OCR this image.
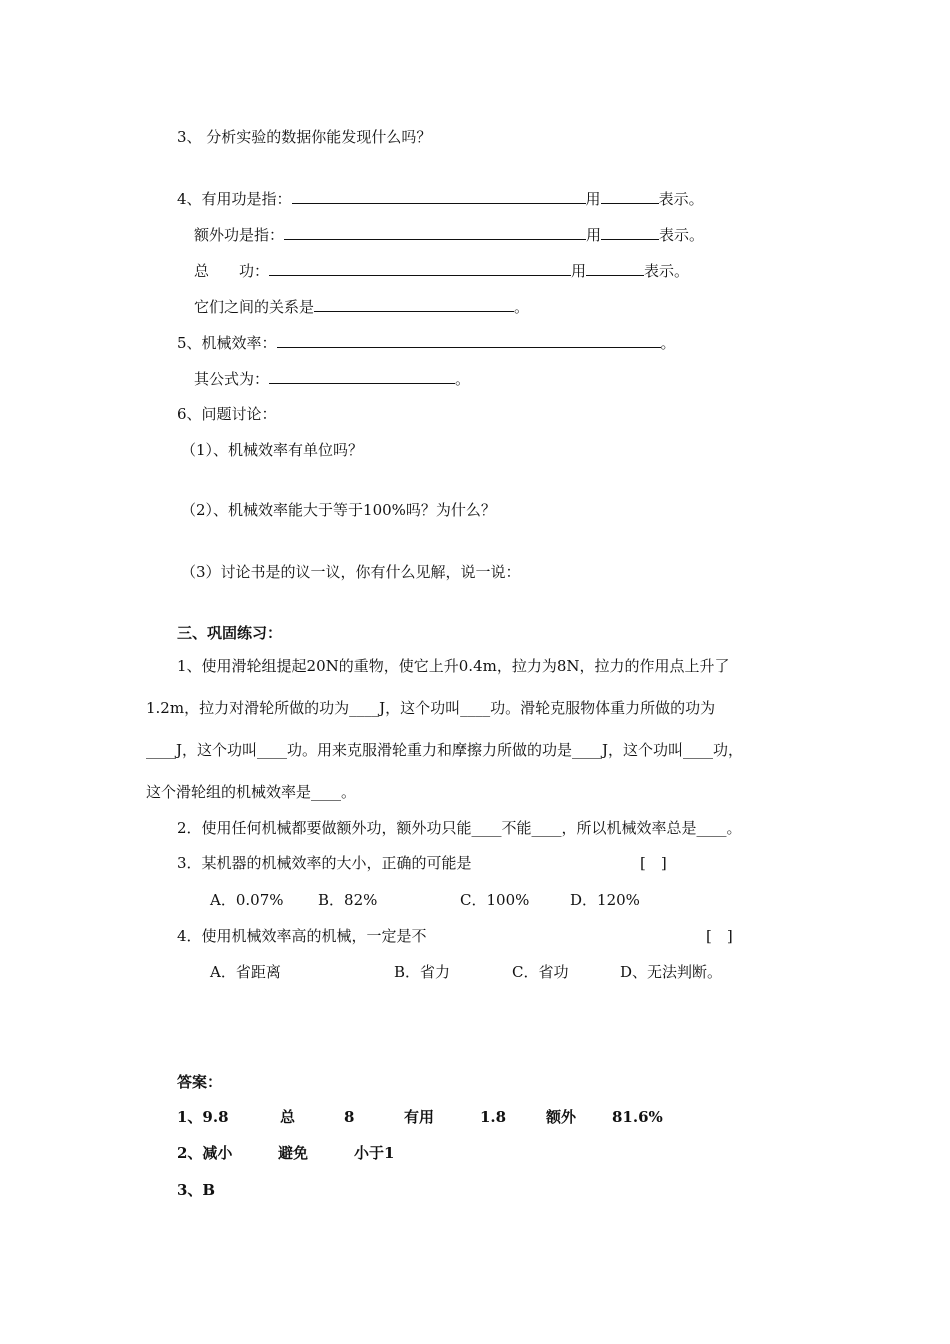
3、 分析实验的数据你能发现什么吗？
4、有用功是指：	用	表示。
额外功是指：	用	表示。
总　　功：	用	表示。
它们之间的关系是	。
5、机械效率：	。
其公式为：	。
6、问题讨论：
（1）、机械效率有单位吗？
（2）、机械效率能大于等于100%吗？为什么？
（3）讨论书是的议一议，你有什么见解，说一说：
三、巩固练习：
1、使用滑轮组提起20N的重物，使它上升0.4m，拉力为8N，拉力的作用点上升了
1.2m，拉力对滑轮所做的功为____J，这个功叫____功。滑轮克服物体重力所做的功为
____J，这个功叫____功。用来克服滑轮重力和摩擦力所做的功是____J，这个功叫____功，
这个滑轮组的机械效率是____。
2．使用任何机械都要做额外功，额外功只能____不能____，所以机械效率总是____。
3．某机器的机械效率的大小，正确的可能是	[　]
A．0.07% B．82%	C．100%	D．120%
4．使用机械效率高的机械，一定是不	[　]
A．省距离	B．省力	C．省功	D、无法判断。
答案：
1、9.8	总	8	有用	1.8	额外 81.6%
2、减小	避免	小于1
3、B
